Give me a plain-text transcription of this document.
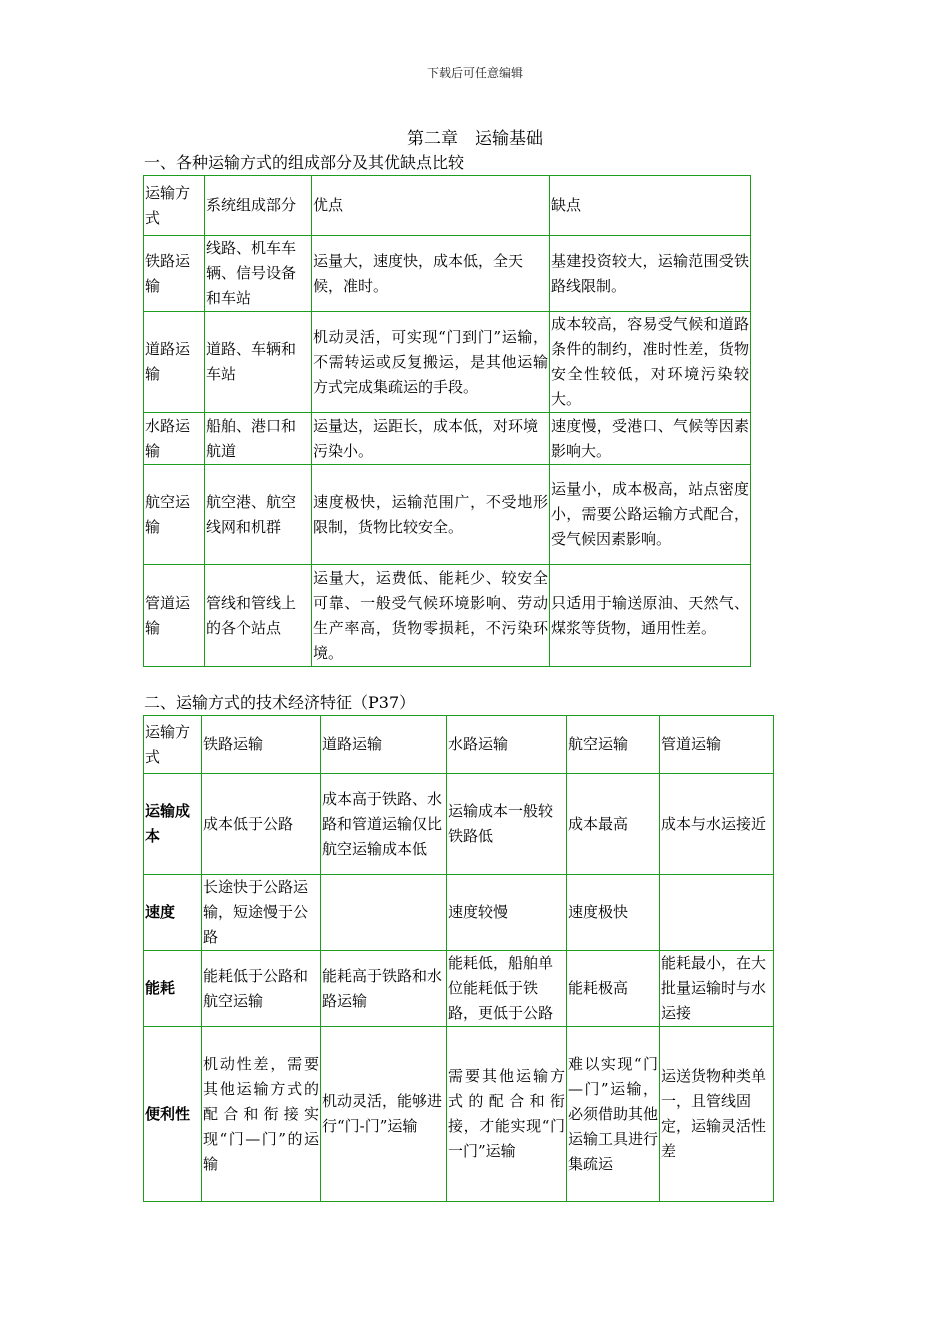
下载后可任意编辑
第二章　运输基础
一、各种运输方式的组成部分及其优缺点比较
运输方式	系统组成部分	优点	缺点
铁路运输	线路、机车车辆、信号设备和车站	运量大，速度快，成本低，全天候，准时。	基建投资较大，运输范围受铁路线限制。
道路运输	道路、车辆和车站	机动灵活，可实现“门到门”运输，不需转运或反复搬运，是其他运输方式完成集疏运的手段。	成本较高，容易受气候和道路条件的制约，准时性差，货物安全性较低，对环境污染较大。
水路运输	船舶、港口和航道	运量达，运距长，成本低，对环境污染小。	速度慢，受港口、气候等因素影响大。
航空运输	航空港、航空线网和机群	速度极快，运输范围广，不受地形限制，货物比较安全。	运量小，成本极高，站点密度小，需要公路运输方式配合，受气候因素影响。
管道运输	管线和管线上的各个站点	运量大，运费低、能耗少、较安全可靠、一般受气候环境影响、劳动生产率高，货物零损耗，不污染环境。	只适用于输送原油、天然气、煤浆等货物，通用性差。
二、运输方式的技术经济特征（P37）
运输方式	铁路运输	道路运输	水路运输	航空运输	管道运输
运输成本	成本低于公路	成本高于铁路、水路和管道运输仅比航空运输成本低	运输成本一般较铁路低	成本最高	成本与水运接近
速度	长途快于公路运输，短途慢于公路		速度较慢	速度极快	
能耗	能耗低于公路和航空运输	能耗高于铁路和水路运输	能耗低，船舶单位能耗低于铁路，更低于公路	能耗极高	能耗最小，在大批量运输时与水运接
便利性	机动性差，需要其他运输方式的配合和衔接实现“门—门”的运输	机动灵活，能够进行“门-门”运输	需要其他运输方式的配合和衔接，才能实现“门一门”运输	难以实现“门—门”运输，必须借助其他运输工具进行集疏运	运送货物种类单一，且管线固定，运输灵活性差
